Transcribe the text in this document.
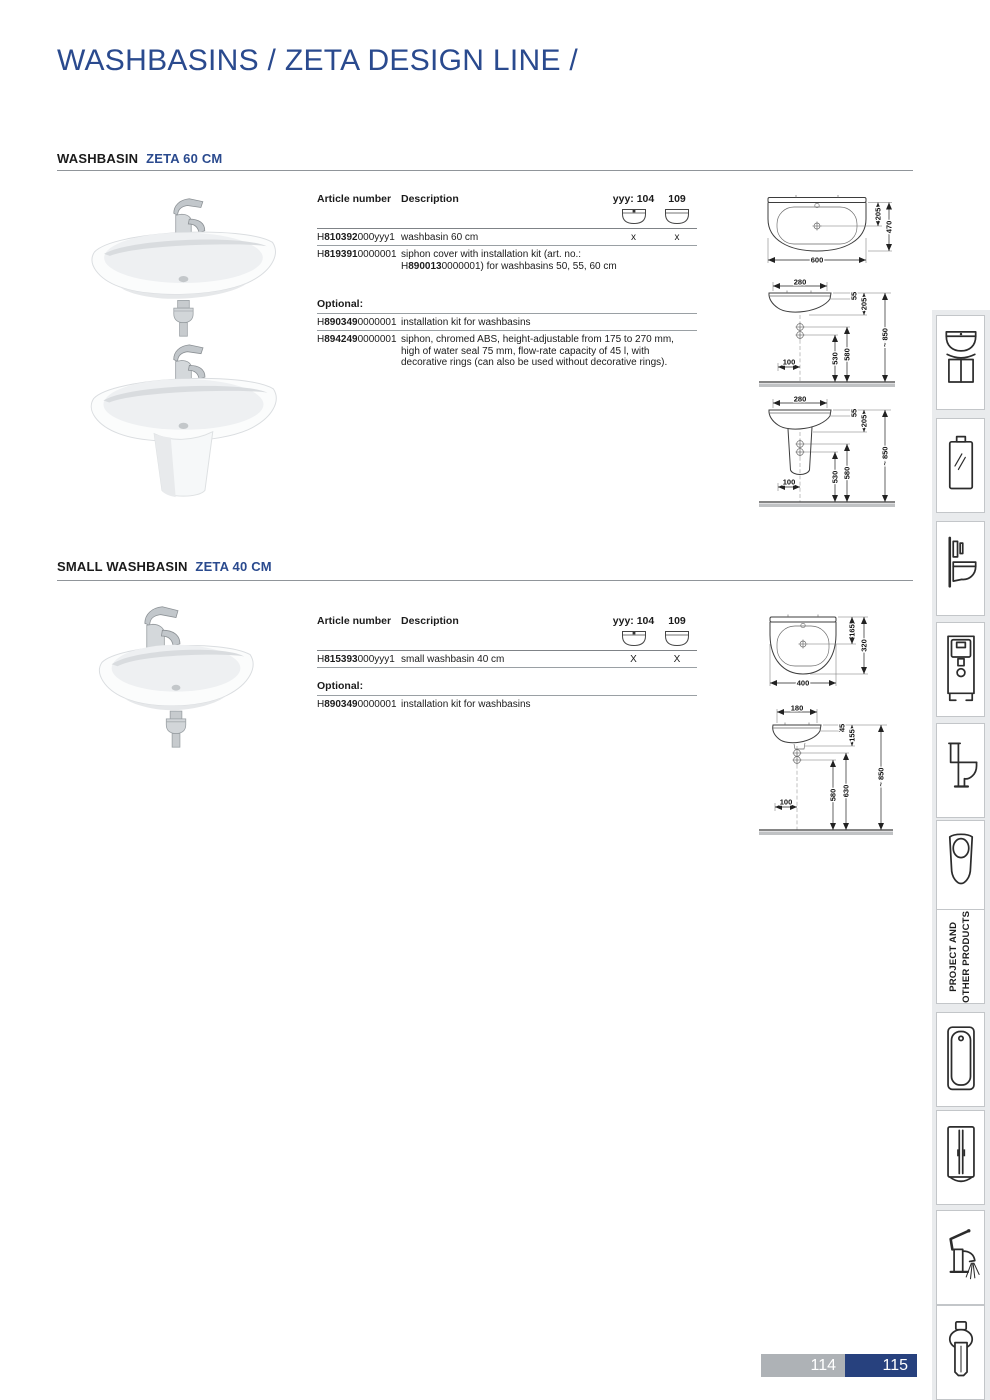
WASHBASINS / ZETA DESIGN LINE /
WASHBASIN ZETA 60 CM
Article number Description	yyy: 104 109
H810392000yyy1 washbasin 60 cm	x	x
H8193910000001 siphon cover with installation kit (art. no.:
H8900130000001) for washbasins 50, 55, 60 cm
Optional:
H8903490000001 installation kit for washbasins
H8942490000001 siphon, chromed ABS, height-adjustable from 175 to 270 mm, high of water seal 75 mm, flow-rate capacity of 45 l, with decorative rings (can also be used without decorative rings).
205
470
600
280
55
205
530 580
~ 850
100
280
55
205
530 580
~ 850
100
SMALL WASHBASIN ZETA 40 CM
Article number Description	yyy: 104 109
H815393000yyy1 small washbasin 40 cm	X	X
Optional:
H8903490000001 installation kit for washbasins
165
320
400
180
45
155
580 630
~ 850
100
PROJECT AND OTHER PRODUCTS
114	115
